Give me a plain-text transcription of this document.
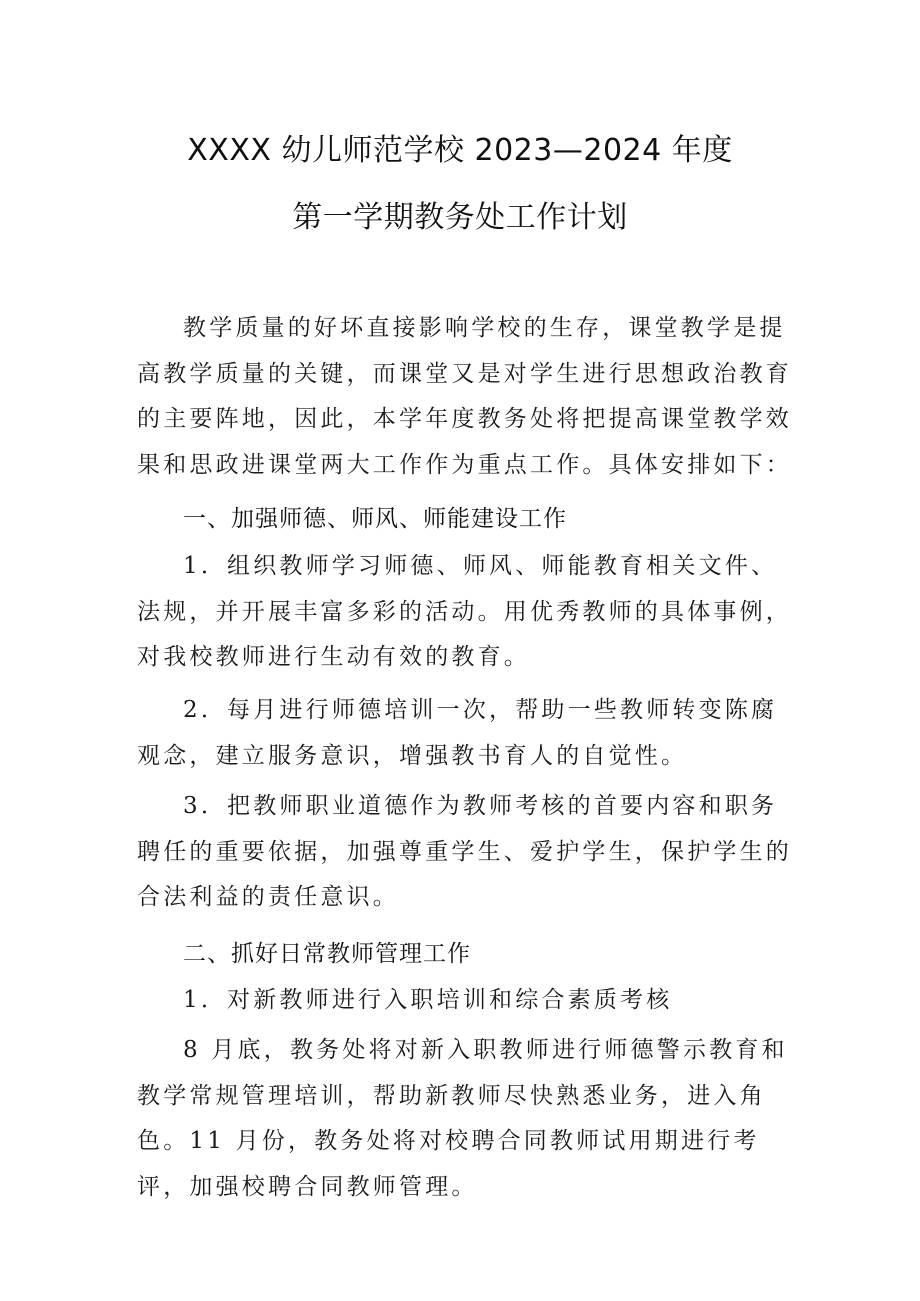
XXXX 幼儿师范学校 2023—2024 年度
第一学期教务处工作计划

教学质量的好坏直接影响学校的生存，课堂教学是提高教学质量的关键，而课堂又是对学生进行思想政治教育的主要阵地，因此，本学年度教务处将把提高课堂教学效果和思政进课堂两大工作作为重点工作。具体安排如下：

一、加强师德、师风、师能建设工作

1．组织教师学习师德、师风、师能教育相关文件、法规，并开展丰富多彩的活动。用优秀教师的具体事例，对我校教师进行生动有效的教育。

2．每月进行师德培训一次，帮助一些教师转变陈腐观念，建立服务意识，增强教书育人的自觉性。

3．把教师职业道德作为教师考核的首要内容和职务聘任的重要依据，加强尊重学生、爱护学生，保护学生的合法利益的责任意识。

二、抓好日常教师管理工作

1．对新教师进行入职培训和综合素质考核

8 月底，教务处将对新入职教师进行师德警示教育和教学常规管理培训，帮助新教师尽快熟悉业务，进入角色。11 月份，教务处将对校聘合同教师试用期进行考评，加强校聘合同教师管理。
